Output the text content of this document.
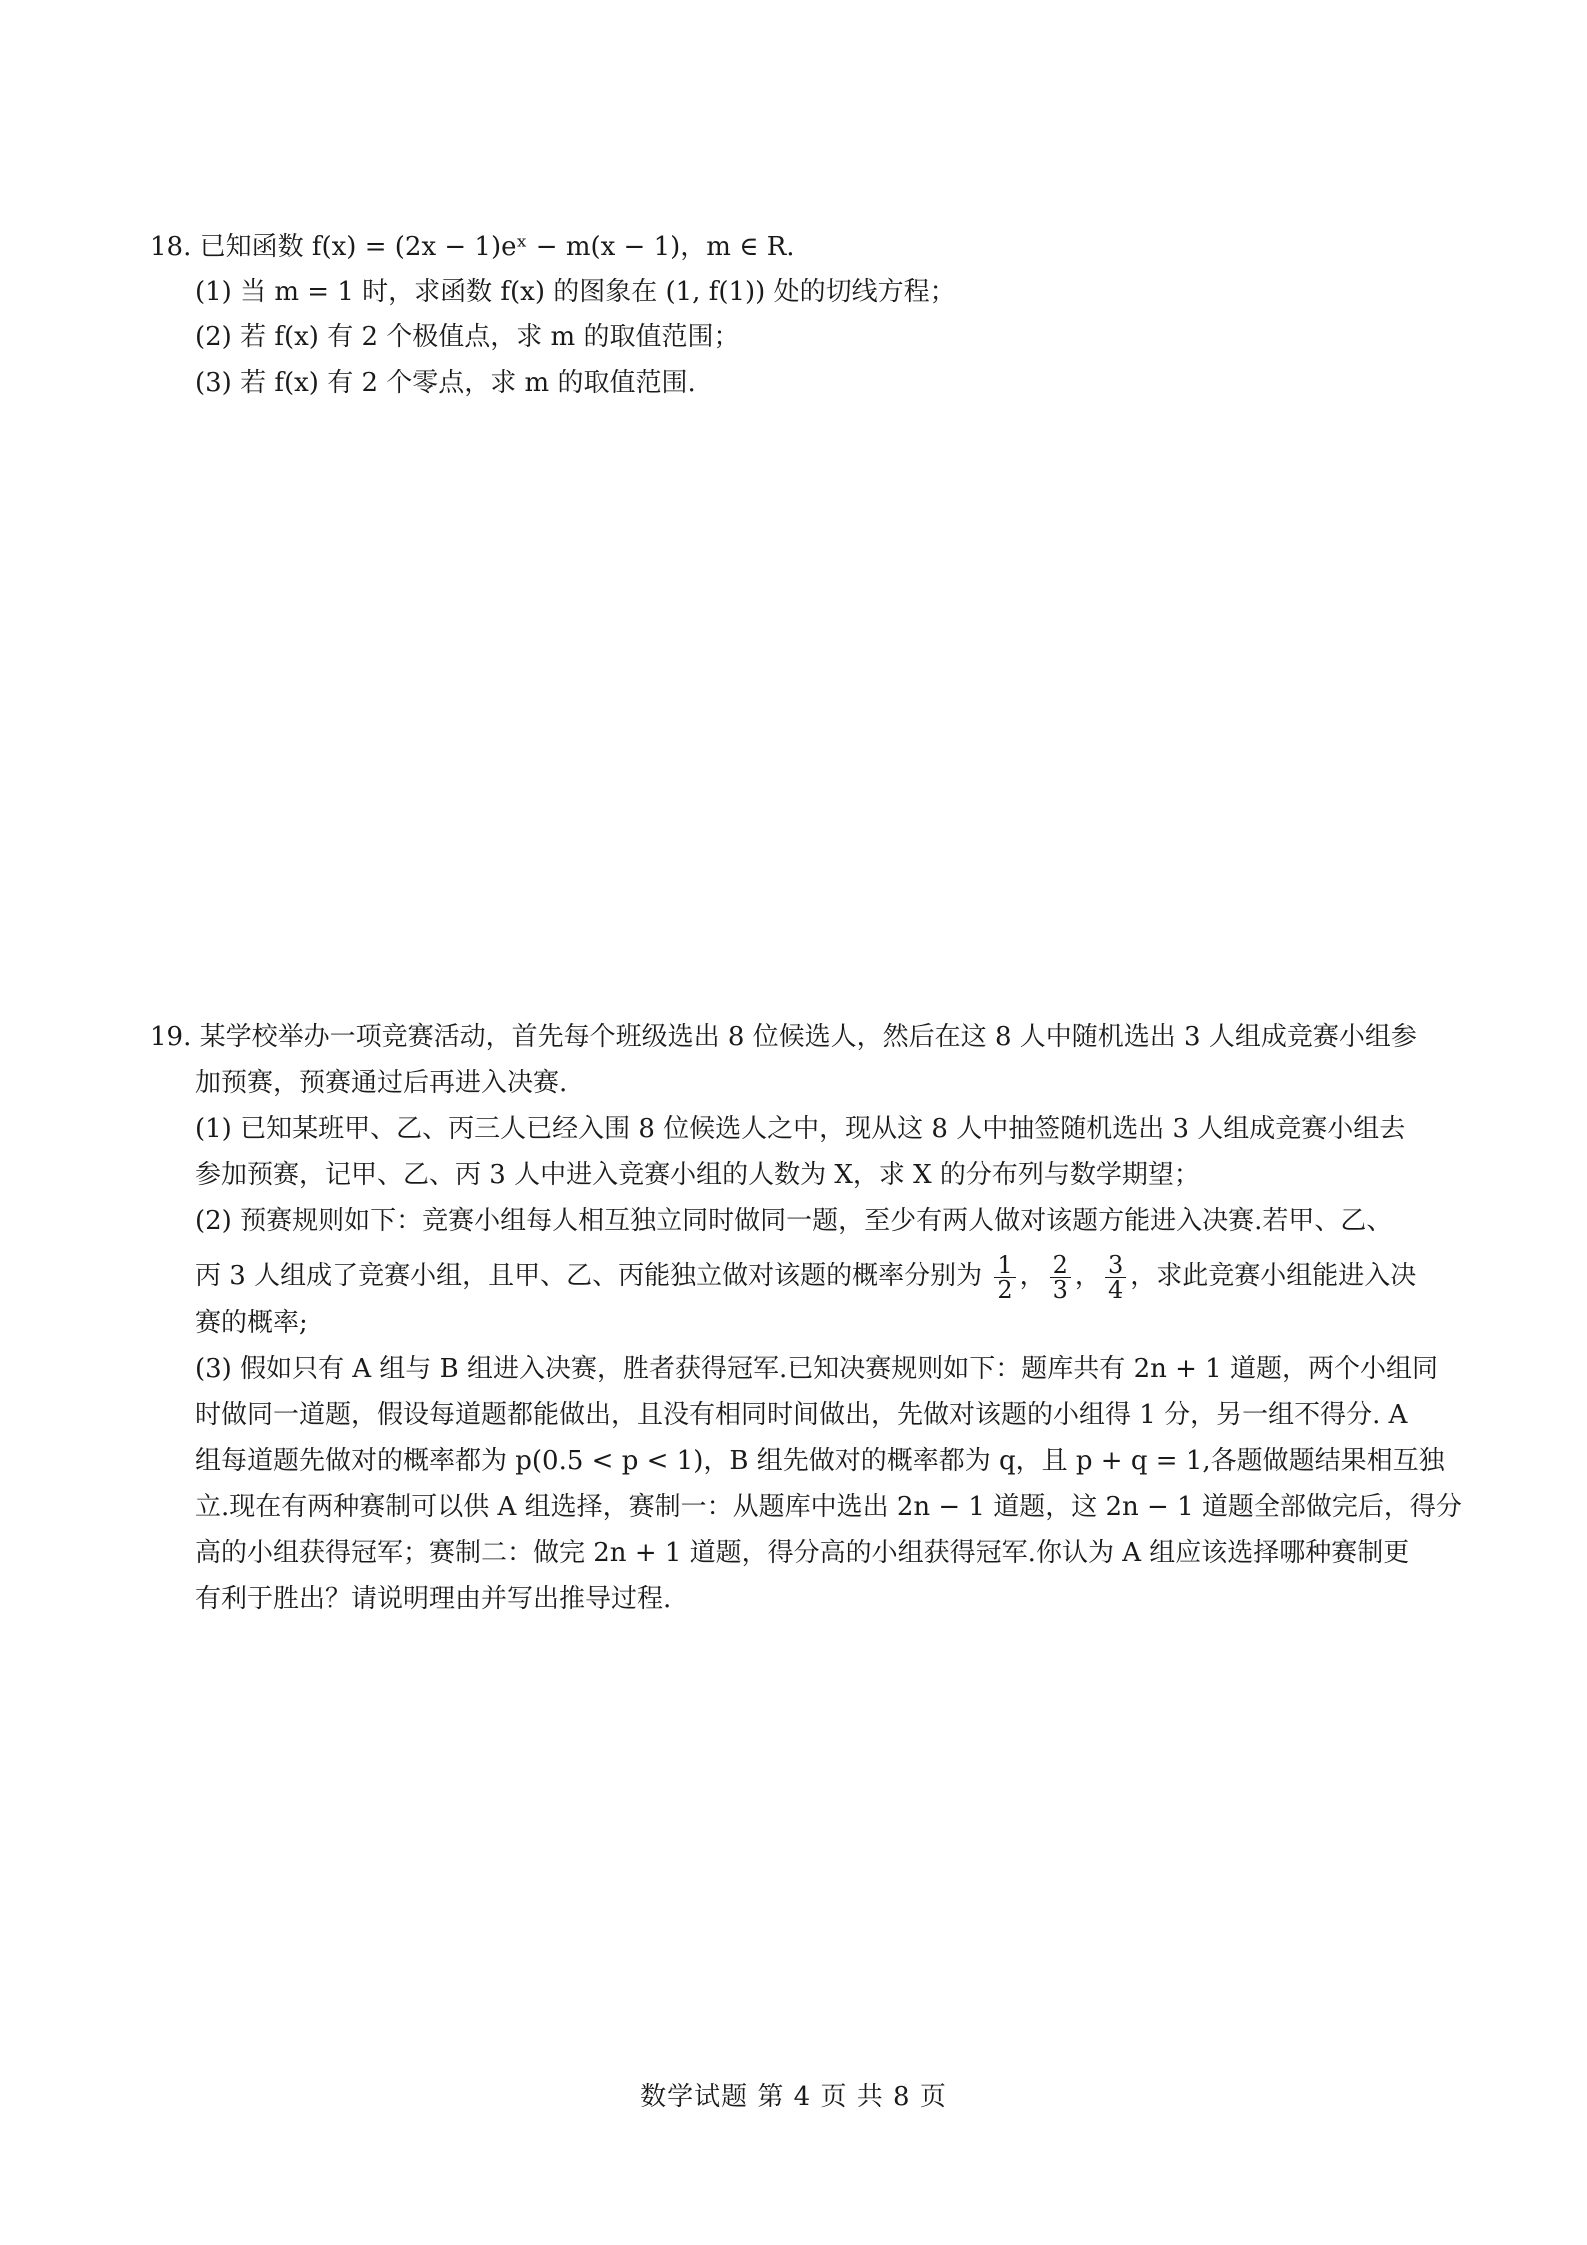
18. 已知函数 f(x) = (2x − 1)eˣ − m(x − 1)，m ∈ R.
(1) 当 m = 1 时，求函数 f(x) 的图象在 (1, f(1)) 处的切线方程；
(2) 若 f(x) 有 2 个极值点，求 m 的取值范围；
(3) 若 f(x) 有 2 个零点，求 m 的取值范围.
19. 某学校举办一项竞赛活动，首先每个班级选出 8 位候选人，然后在这 8 人中随机选出 3 人组成竞赛小组参
加预赛，预赛通过后再进入决赛.
(1) 已知某班甲、乙、丙三人已经入围 8 位候选人之中，现从这 8 人中抽签随机选出 3 人组成竞赛小组去
参加预赛，记甲、乙、丙 3 人中进入竞赛小组的人数为 X，求 X 的分布列与数学期望；
(2) 预赛规则如下：竞赛小组每人相互独立同时做同一题，至少有两人做对该题方能进入决赛.若甲、乙、
丙 3 人组成了竞赛小组，且甲、乙、丙能独立做对该题的概率分别为 $\frac{1}{2}$ ， $\frac{2}{3}$ ， $\frac{3}{4}$ ，求此竞赛小组能进入决
赛的概率;
(3) 假如只有 A 组与 B 组进入决赛，胜者获得冠军.已知决赛规则如下：题库共有 2n + 1 道题，两个小组同
时做同一道题，假设每道题都能做出，且没有相同时间做出，先做对该题的小组得 1 分，另一组不得分. A
组每道题先做对的概率都为 p(0.5 < p < 1)，B 组先做对的概率都为 q，且 p + q = 1,各题做题结果相互独
立.现在有两种赛制可以供 A 组选择，赛制一：从题库中选出 2n − 1 道题，这 2n − 1 道题全部做完后，得分
高的小组获得冠军；赛制二：做完 2n + 1 道题，得分高的小组获得冠军.你认为 A 组应该选择哪种赛制更
有利于胜出？请说明理由并写出推导过程.
数学试题 第 4 页 共 8 页
